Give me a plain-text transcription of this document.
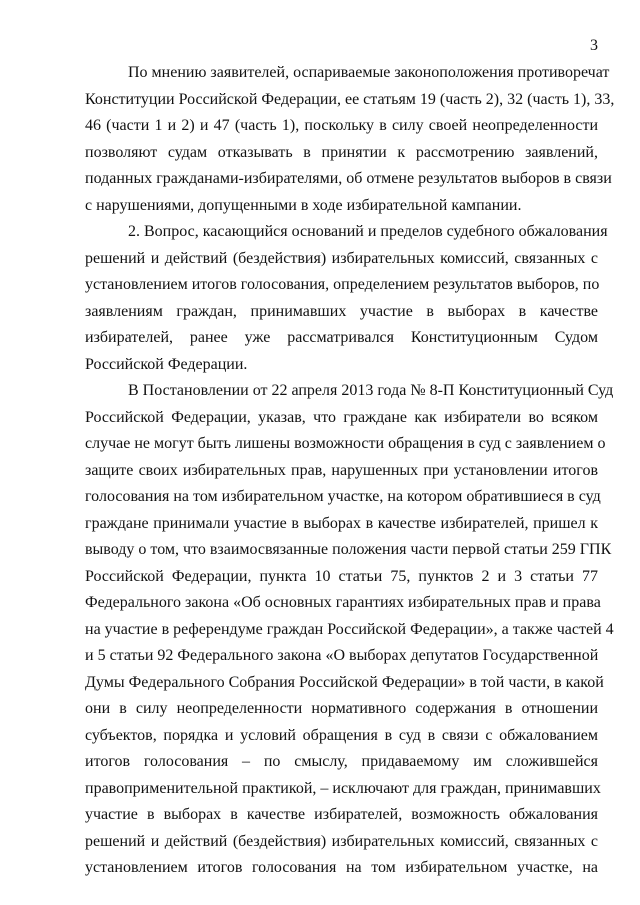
3
По мнению заявителей, оспариваемые законоположения противоречат
Конституции Российской Федерации, ее статьям 19 (часть 2), 32 (часть 1), 33,
46 (части 1 и 2) и 47 (часть 1), поскольку в силу своей неопределенности
позволяют судам отказывать в принятии к рассмотрению заявлений,
поданных гражданами-избирателями, об отмене результатов выборов в связи
с нарушениями, допущенными в ходе избирательной кампании.
2. Вопрос, касающийся оснований и пределов судебного обжалования
решений и действий (бездействия) избирательных комиссий, связанных с
установлением итогов голосования, определением результатов выборов, по
заявлениям граждан, принимавших участие в выборах в качестве
избирателей, ранее уже рассматривался Конституционным Судом
Российской Федерации.
В Постановлении от 22 апреля 2013 года № 8-П Конституционный Суд
Российской Федерации, указав, что граждане как избиратели во всяком
случае не могут быть лишены возможности обращения в суд с заявлением о
защите своих избирательных прав, нарушенных при установлении итогов
голосования на том избирательном участке, на котором обратившиеся в суд
граждане принимали участие в выборах в качестве избирателей, пришел к
выводу о том, что взаимосвязанные положения части первой статьи 259 ГПК
Российской Федерации, пункта 10 статьи 75, пунктов 2 и 3 статьи 77
Федерального закона «Об основных гарантиях избирательных прав и права
на участие в референдуме граждан Российской Федерации», а также частей 4
и 5 статьи 92 Федерального закона «О выборах депутатов Государственной
Думы Федерального Собрания Российской Федерации» в той части, в какой
они в силу неопределенности нормативного содержания в отношении
субъектов, порядка и условий обращения в суд в связи с обжалованием
итогов голосования – по смыслу, придаваемому им сложившейся
правоприменительной практикой, – исключают для граждан, принимавших
участие в выборах в качестве избирателей, возможность обжалования
решений и действий (бездействия) избирательных комиссий, связанных с
установлением итогов голосования на том избирательном участке, на
